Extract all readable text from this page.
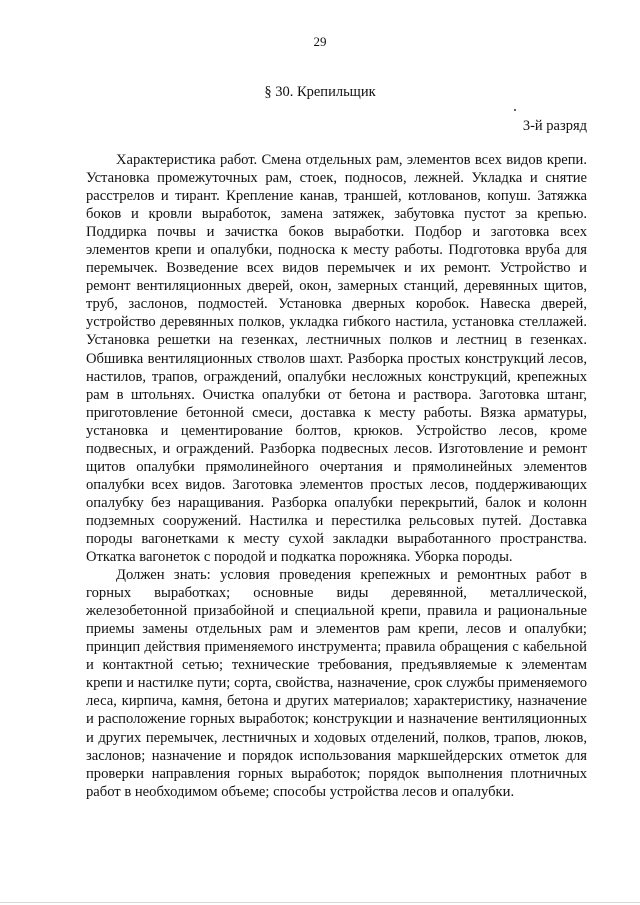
29
§ 30. Крепильщик
3-й разряд

Характеристика работ. Смена отдельных рам, элементов всех видов крепи. Установка промежуточных рам, стоек, подносов, лежней. Укладка и снятие расстрелов и тирант. Крепление канав, траншей, котлованов, копуш. Затяжка боков и кровли выработок, замена затяжек, забутовка пустот за крепью. Поддирка почвы и зачистка боков выработки. Подбор и заготовка всех элементов крепи и опалубки, подноска к месту работы. Подготовка вруба для перемычек. Возведение всех видов перемычек и их ремонт. Устройство и ремонт вентиляционных дверей, окон, замерных станций, деревянных щитов, труб, заслонов, подмостей. Установка дверных коробок. Навеска дверей, устройство деревянных полков, укладка гибкого настила, установка стеллажей. Установка решетки на гезенках, лестничных полков и лестниц в гезенках. Обшивка вентиляционных стволов шахт. Разборка простых конструкций лесов, настилов, трапов, ограждений, опалубки несложных конструкций, крепежных рам в штольнях. Очистка опалубки от бетона и раствора. Заготовка штанг, приготовление бетонной смеси, доставка к месту работы. Вязка арматуры, установка и цементирование болтов, крюков. Устройство лесов, кроме подвесных, и ограждений. Разборка подвесных лесов. Изготовление и ремонт щитов опалубки прямолинейного очертания и прямолинейных элементов опалубки всех видов. Заготовка элементов простых лесов, поддерживающих опалубку без наращивания. Разборка опалубки перекрытий, балок и колонн подземных сооружений. Настилка и перестилка рельсовых путей. Доставка породы вагонетками к месту сухой закладки выработанного пространства. Откатка вагонеток с породой и подкатка порожняка. Уборка породы.

Должен знать: условия проведения крепежных и ремонтных работ в горных выработках; основные виды деревянной, металлической, железобетонной призабойной и специальной крепи, правила и рациональные приемы замены отдельных рам и элементов рам крепи, лесов и опалубки; принцип действия применяемого инструмента; правила обращения с кабельной и контактной сетью; технические требования, предъявляемые к элементам крепи и настилке пути; сорта, свойства, назначение, срок службы применяемого леса, кирпича, камня, бетона и других материалов; характеристику, назначение и расположение горных выработок; конструкции и назначение вентиляционных и других перемычек, лестничных и ходовых отделений, полков, трапов, люков, заслонов; назначение и порядок использования маркшейдерских отметок для проверки направления горных выработок; порядок выполнения плотничных работ в необходимом объеме; способы устройства лесов и опалубки.
